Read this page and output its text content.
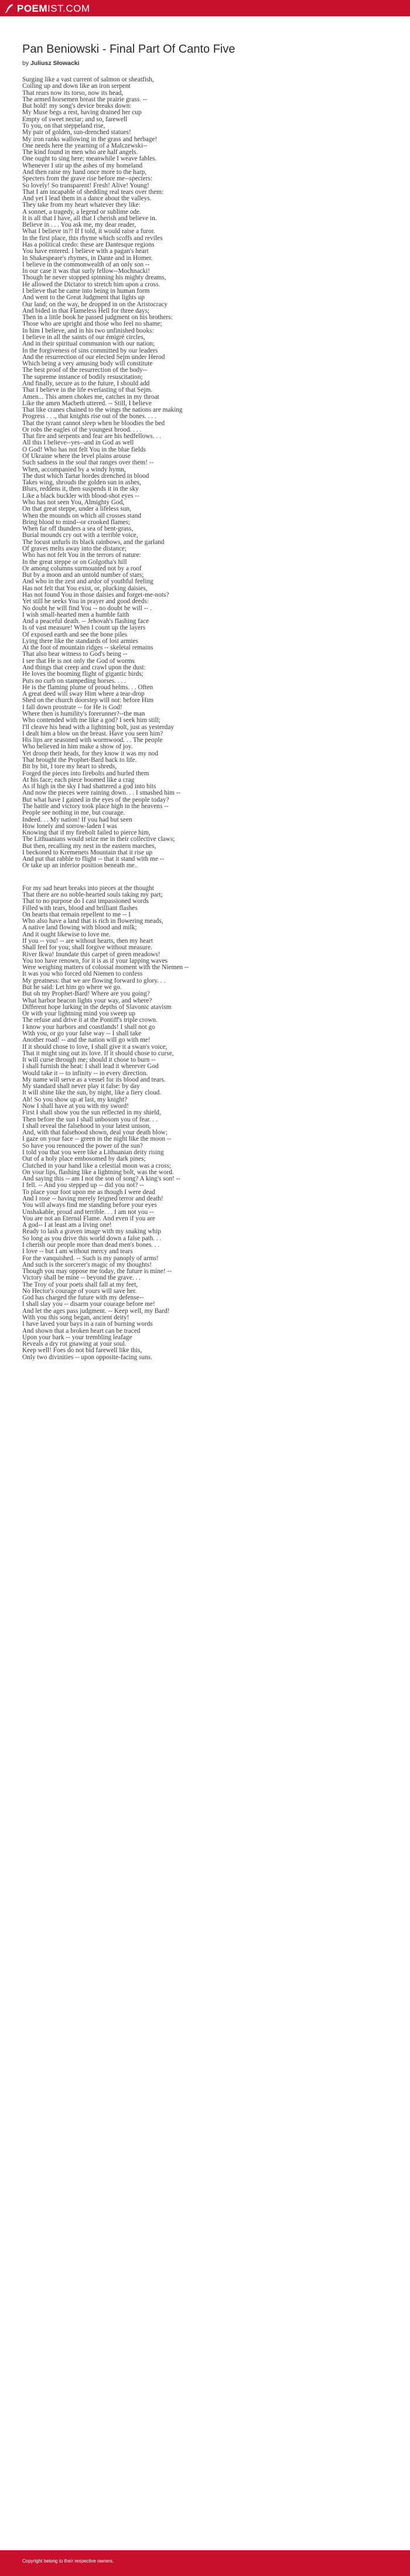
POEM IST.COM
Pan Beniowski - Final Part Of Canto Five
by Juliusz Słowacki
Surging like a vast current of salmon or sheatfish,
Coiling up and down like an iron serpent
That rears now its torso, now its head,
The armed horsemen breast the prairie grass. --
But hold! my song's device breaks down:
My Muse begs a rest, having drained her cup
Empty of sweet nectar; and so, farewell
To you, on that steppeland rise,
My pair of golden, sun-drenched statues!
My iron ranks wallowing in the grass and herbage!
One needs here the yearning of a Malczewski--
The kind found in men who are half angels.
One ought to sing here; meanwhile I weave fables.
Whenever I stir up the ashes of my homeland
And then raise my hand once more to the harp,
Specters from the grave rise before me--specters:
So lovely! So transparent! Fresh! Alive! Young!
That I am incapable of shedding real tears over them:
And yet I lead them in a dance about the valleys.
They take from my heart whatever they like:
A sonnet, a tragedy, a legend or sublime ode.
It is all that I have, all that I cherish and believe in.
Believe in . . . You ask me, my dear reader,
What I believe in?! If I told, it would raise a furor.
In the first place, this rhyme which scoffs and reviles
Has a political credo: these are Dantesque regions
You have entered. I believe with a pagan's heart
In Shakespeare's rhymes, in Dante and in Homer.
I believe in the commonwealth of an only son --
In our case it was that surly fellow--Mochnacki!
Though he never stopped spinning his mighty dreams,
He allowed the Dictator to stretch him upon a cross.
I believe that he came into being in human form
And went to the Great Judgment that lights up
Our land; on the way, he dropped in on the Aristocracy
And bided in that Flameless Hell for three days;
Then in a little book he passed judgment on his brothers:
Those who are upright and those who feel no shame;
In him I believe, and in his two unfinished books:
I believe in all the saints of our émigré circles,
And in their spiritual communion with our nation;
In the forgiveness of sins committed by our leaders
And the resurrection of our elected Sejm under Herod
Which being a very amusing body will constitute
The best proof of the resurrection of the body--
The supreme instance of bodily resuscitation;
And finally, secure as to the future, I should add
That I believe in the life everlasting of that Sejm.
Amen... This amen chokes me, catches in my throat
Like the amen Macbeth uttered. -- Still, I believe
That like cranes chained to the wings the nations are making
Progress . . ., that knights rise out of the bones. . . .
That the tyrant cannot sleep when he bloodies the bed
Or robs the eagles of the youngest brood. . . .
That fire and serpents and fear are his bedfellows. . .
All this I believe--yes--and in God as well
O God! Who has not felt You in the blue fields
Of Ukraine where the level plains arouse
Such sadness in the soul that ranges over them! --
When, accompanied by a windy hymn,
The dust which Tartar hordes drenched in blood
Takes wing, shrouds the golden sun in ashes,
Blurs, reddens it, then suspends it in the sky
Like a black buckler with blood-shot eyes --
Who has not seen You, Almighty God,
On that great steppe, under a lifeless sun,
When the mounds on which all crosses stand
Bring blood to mind--or crooked flames;
When far off thunders a sea of bent-grass,
Burial mounds cry out with a terrible voice,
The locust unfurls its black rainbows, and the garland
Of graves melts away into the distance;
Who has not felt You in the terrors of nature:
In the great steppe or on Golgotha's hill
Or among columns surmounted not by a roof
But by a moon and an untold number of stars;
And who in the zest and ardor of youthful feeling
Has not felt that You exist, or, plucking daisies,
Has not found You in those daisies and forget-me-nots?
Yet still he seeks You in prayer and good deeds:
No doubt he will find You -- no doubt he will -- .
I wish small-hearted men a humble faith
And a peaceful death. -- Jehovah's flashing face
Is of vast measure! When I count up the layers
Of exposed earth and see the bone piles
Lying there like the standards of lost armies
At the foot of mountain ridges -- skeletal remains
That also bear witness to God's being --
I see that He is not only the God of worms
And things that creep and crawl upon the dust:
He loves the booming flight of gigantic birds;
Puts no curb on stampeding horses. . . .
He is the flaming plume of proud helms. . . Often
A great deed will sway Him where a tear-drop
Shed on the church doorstep will not: before Him
I fall down prostrate -- for He is God!
Where then is humility's forerunner?--the man
Who contended with me like a god? I seek him still;
I'll cleave his head with a lightning bolt, just as yesterday
I dealt him a blow on the breast. Have you seen him?
His lips are seasoned with wormwood. . . The people
Who believed in him make a show of joy.
Yet droop their heads, for they know it was my nod
That brought the Prophet-Bard back to life.
Bit by bit, I tore my heart to shreds,
Forged the pieces into firebolts and hurled them
At his face; each piece boomed like a crag
As if high in the sky I had shattered a god into bits
And now the pieces were raining down. . . I smashed him --
But what have I gained in the eyes of the people today?
The battle and victory took place high in the heavens --
People see nothing in me, but courage.
Indeed. . . My nation! If you had but seen
How lonely and sorrow-laden I was
Knowing that if my firebolt failed to pierce him,
The Lithuanians would seize me in their collective claws;
But then, recalling my nest in the eastern marches,
I beckoned to Kremenets Mountain that it rise up
And put that rabble to flight -- that it stand with me --
Or take up an inferior position beneath me..
For my sad heart breaks into pieces at the thought
That there are no noble-hearted souls taking my part;
That to no purpose do I cast impassioned words
Filled with tears, blood and brilliant flashes
On hearts that remain repellent to me -- I
Who also have a land that is rich in flowering meads,
A native land flowing with blood and milk;
And it ought likewise to love me.
If you -- you! -- are without hearts, then my heart
Shall feel for you; shall forgive without measure.
River Ikwa! Inundate this carpet of green meadows!
You too have renown, for it is as if your lapping waves
Were weighing matters of colossal moment with the Niemen --
It was you who forced old Niemen to confess
My greatness: that we are flowing forward to glory. . .
But he said: Let him go where we go.
But oh my Prophet-Bard! Where are you going?
What harbor beacon lights your way, and where?
Different hope lurking in the depths of Slavonic atavism
Or with your lightning mind you sweep up
The refuse and drive it at the Pontiff's triple crown.
I know your harbors and coastlands! I shall not go
With you, or go your false way -- I shall take
Another road! -- and the nation will go with me!
If it should chose to love, I shall give it a swan's voice,
That it might sing out its love. If it should chose to curse,
It will curse through me; should it chose to burn --
I shall furnish the heat: I shall lead it wherever God
Would take it -- to infinity -- in every direction.
My name will serve as a vessel for its blood and tears.
My standard shall never play it false: by day
It will shine like the sun, by night, like a fiery cloud.
Ah! So you show up at last, my knight?
Now I shall have at you with my sword!
First I shall show you the sun reflected in my shield,
Then before the sun I shall unbosom you of fear. . .
I shall reveal the falsehood in your latest unison,
And, with that falsehood shown, deal your death blow;
I gaze on your face -- green in the night like the moon --
So have you renounced the power of the sun?
I told you that you were like a Lithuanian deity rising
Out of a holy place embosomed by dark pines;
Clutched in your hand like a celestial moon was a cross;
On your lips, flashing like a lightning bolt, was the word.
And saying this -- am I not the son of song? A king's son! --
I fell. -- And you stepped up -- did you not? --
To place your foot upon me as though I were dead
And I rose -- having merely feigned terror and death!
You will always find me standing before your eyes
Unshakable, proud and terrible. . . I am not you --
You are not an Eternal Flame. And even if you are
A god-- I at least am a living one!
Ready to lash a graven image with my snaking whip
So long as you drive this world down a false path. . .
I cherish our people more than dead men's bones. . .
I love -- but I am without mercy and tears
For the vanquished. -- Such is my panoply of arms!
And such is the sorcerer's magic of my thoughts!
Though you may oppose me today, the future is mine! --
Victory shall be mine -- beyond the grave. . .
The Troy of your poets shall fall at my feet,
No Hector's courage of yours will save her.
God has charged the future with my defense--
I shall slay you -- disarm your courage before me!
And let the ages pass judgment. -- Keep well, my Bard!
With you this song began, ancient deity!
I have laved your bays in a rain of burning words
And shown that a broken heart can be traced
Upon your bark -- your trembling leafage
Reveals a dry rot gnawing at your soul.
Keep well! Foes do not bid farewell like this,
Only two divinities -- upon opposite-facing suns.
Copyright belong to their respective owners.
